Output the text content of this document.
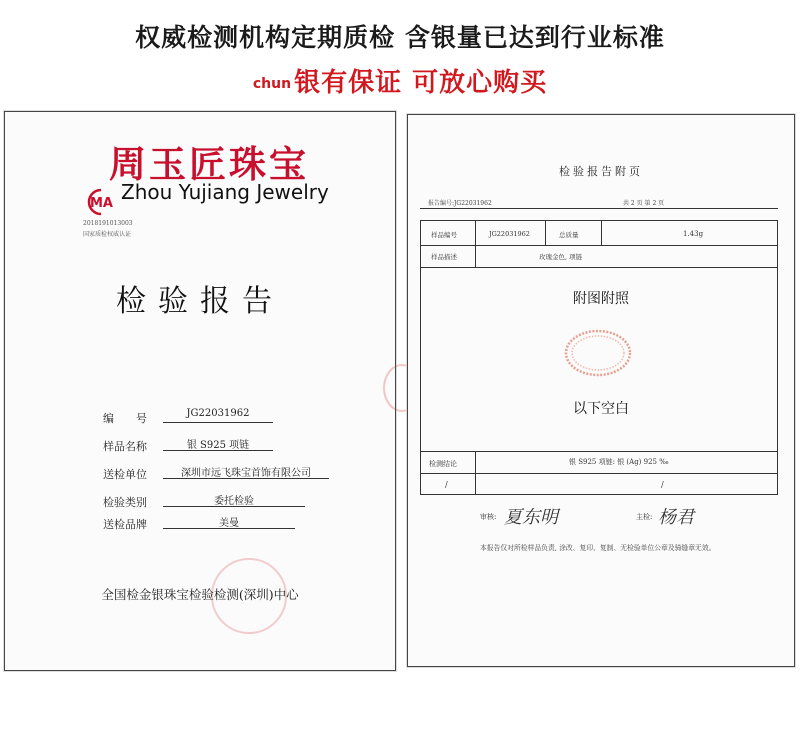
权威检测机构定期质检 含银量已达到行业标准
chun 银有保证 可放心购买
周玉匠珠宝
MA Zhou Yujiang Jewelry
2018191013003
国家质检权威认证
检验报告
编　　号	JG22031962
样品名称	银 S925 项链
送检单位	深圳市远飞珠宝首饰有限公司
检验类别	委托检验
送检品牌	美曼
全国检金银珠宝检验检测(深圳)中心
检验报告附页
报告编号:JG22031962	共 2 页 第 2 页
样品编号	JG22031962	总质量	1.43g
样品描述	玫瑰金色, 项链
检测结论	银 S925 项链: 银 (Ag) 925 ‰
/	/
附图附照
以下空白
审核: 夏东明	主检: 杨君
本报告仅对所检样品负责, 涂改、复印、复制、无检验单位公章及骑缝章无效。
